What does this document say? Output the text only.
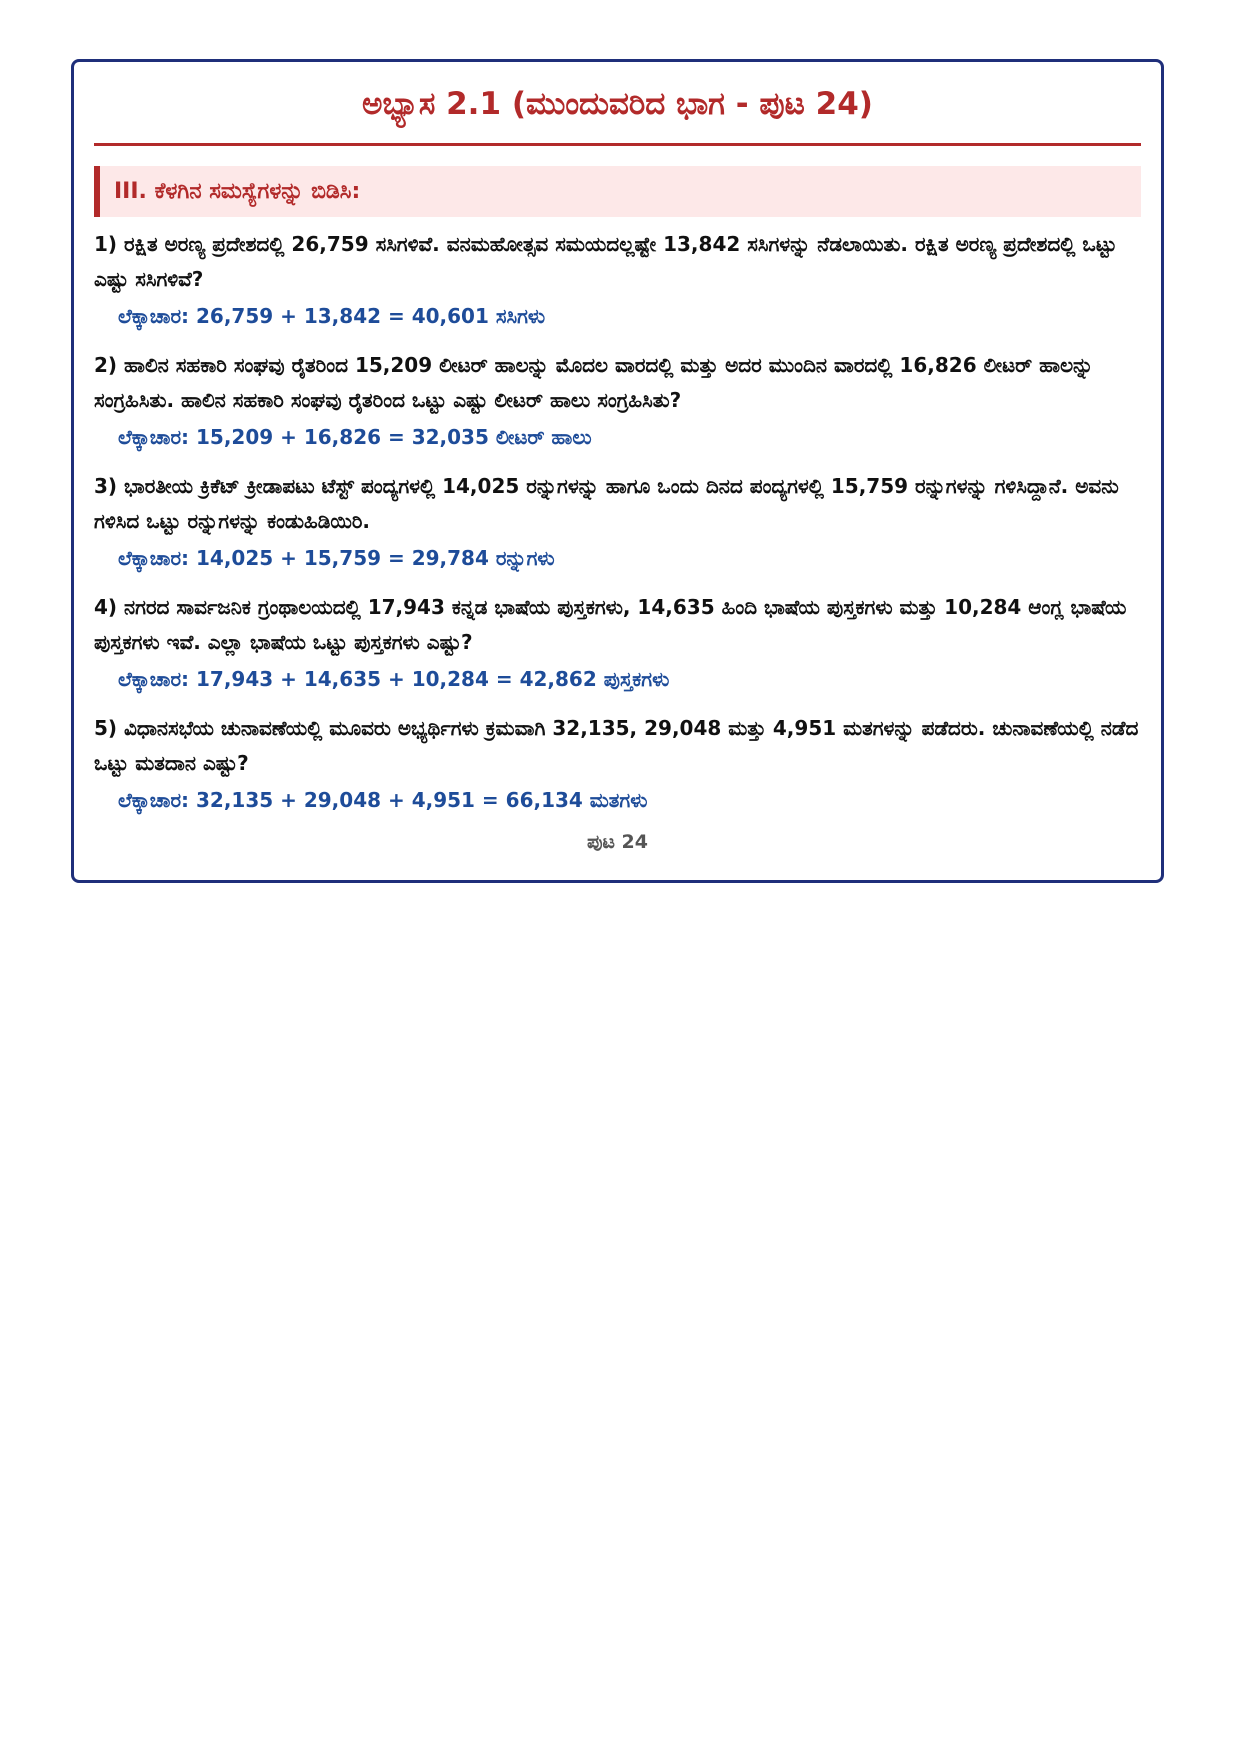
ಅಭ್ಯಾಸ 2.1 (ಮುಂದುವರಿದ ಭಾಗ - ಪುಟ 24)
III. ಕೆಳಗಿನ ಸಮಸ್ಯೆಗಳನ್ನು ಬಿಡಿಸಿ:

1) ರಕ್ಷಿತ ಅರಣ್ಯ ಪ್ರದೇಶದಲ್ಲಿ 26,759 ಸಸಿಗಳಿವೆ. ವನಮಹೋತ್ಸವ ಸಮಯದಲ್ಲಷ್ಟೇ 13,842 ಸಸಿಗಳನ್ನು ನೆಡಲಾಯಿತು. ರಕ್ಷಿತ ಅರಣ್ಯ ಪ್ರದೇಶದಲ್ಲಿ ಒಟ್ಟು ಎಷ್ಟು ಸಸಿಗಳಿವೆ?

ಲೆಕ್ಕಾಚಾರ: 26,759 + 13,842 = 40,601 ಸಸಿಗಳು

2) ಹಾಲಿನ ಸಹಕಾರಿ ಸಂಘವು ರೈತರಿಂದ 15,209 ಲೀಟರ್ ಹಾಲನ್ನು ಮೊದಲ ವಾರದಲ್ಲಿ ಮತ್ತು ಅದರ ಮುಂದಿನ ವಾರದಲ್ಲಿ 16,826 ಲೀಟರ್ ಹಾಲನ್ನು ಸಂಗ್ರಹಿಸಿತು. ಹಾಲಿನ ಸಹಕಾರಿ ಸಂಘವು ರೈತರಿಂದ ಒಟ್ಟು ಎಷ್ಟು ಲೀಟರ್ ಹಾಲು ಸಂಗ್ರಹಿಸಿತು?

ಲೆಕ್ಕಾಚಾರ: 15,209 + 16,826 = 32,035 ಲೀಟರ್ ಹಾಲು

3) ಭಾರತೀಯ ಕ್ರಿಕೆಟ್ ಕ್ರೀಡಾಪಟು ಟೆಸ್ಟ್ ಪಂದ್ಯಗಳಲ್ಲಿ 14,025 ರನ್ನುಗಳನ್ನು ಹಾಗೂ ಒಂದು ದಿನದ ಪಂದ್ಯಗಳಲ್ಲಿ 15,759 ರನ್ನುಗಳನ್ನು ಗಳಿಸಿದ್ದಾನೆ. ಅವನು ಗಳಿಸಿದ ಒಟ್ಟು ರನ್ನುಗಳನ್ನು ಕಂಡುಹಿಡಿಯಿರಿ.

ಲೆಕ್ಕಾಚಾರ: 14,025 + 15,759 = 29,784 ರನ್ನುಗಳು

4) ನಗರದ ಸಾರ್ವಜನಿಕ ಗ್ರಂಥಾಲಯದಲ್ಲಿ 17,943 ಕನ್ನಡ ಭಾಷೆಯ ಪುಸ್ತಕಗಳು, 14,635 ಹಿಂದಿ ಭಾಷೆಯ ಪುಸ್ತಕಗಳು ಮತ್ತು 10,284 ಆಂಗ್ಲ ಭಾಷೆಯ ಪುಸ್ತಕಗಳು ಇವೆ. ಎಲ್ಲಾ ಭಾಷೆಯ ಒಟ್ಟು ಪುಸ್ತಕಗಳು ಎಷ್ಟು?

ಲೆಕ್ಕಾಚಾರ: 17,943 + 14,635 + 10,284 = 42,862 ಪುಸ್ತಕಗಳು

5) ವಿಧಾನಸಭೆಯ ಚುನಾವಣೆಯಲ್ಲಿ ಮೂವರು ಅಭ್ಯರ್ಥಿಗಳು ಕ್ರಮವಾಗಿ 32,135, 29,048 ಮತ್ತು 4,951 ಮತಗಳನ್ನು ಪಡೆದರು. ಚುನಾವಣೆಯಲ್ಲಿ ನಡೆದ ಒಟ್ಟು ಮತದಾನ ಎಷ್ಟು?

ಲೆಕ್ಕಾಚಾರ: 32,135 + 29,048 + 4,951 = 66,134 ಮತಗಳು
ಪುಟ 24
